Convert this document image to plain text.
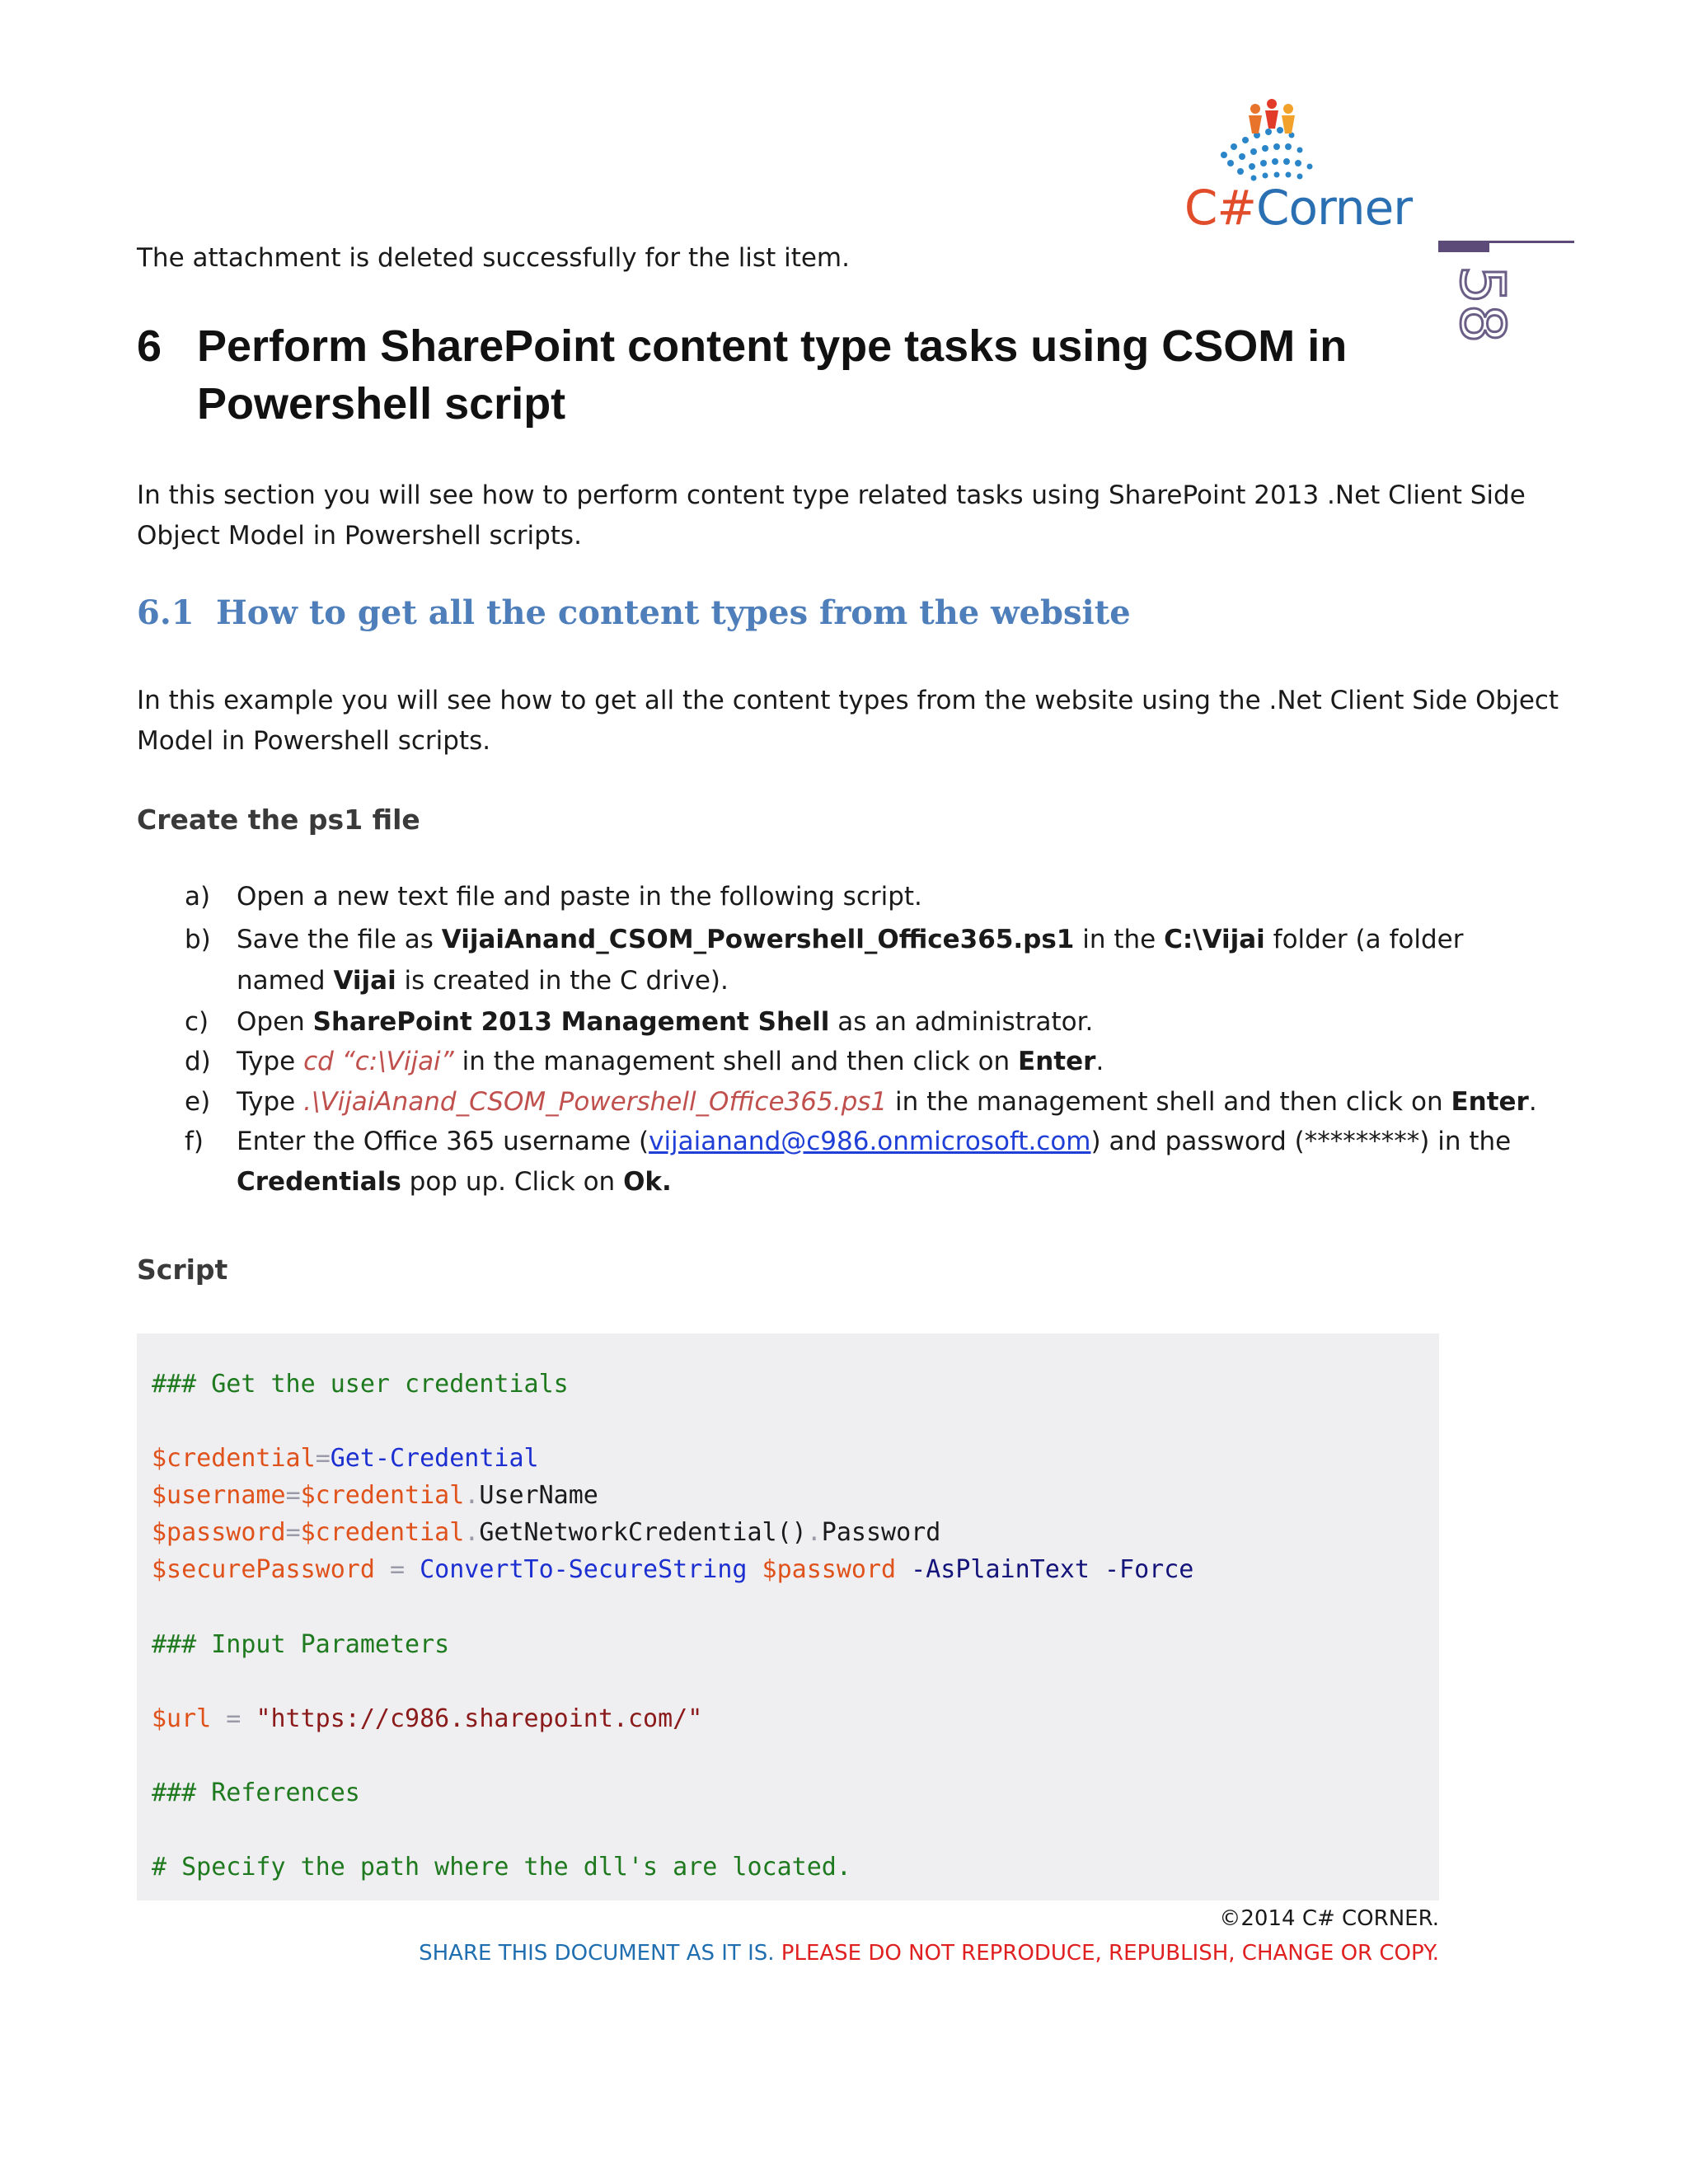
C#Corner
58
The attachment is deleted successfully for the list item.
6 Perform SharePoint content type tasks using CSOM in
Powershell script
In this section you will see how to perform content type related tasks using SharePoint 2013 .Net Client Side
Object Model in Powershell scripts.
6.1 How to get all the content types from the website
In this example you will see how to get all the content types from the website using the .Net Client Side Object
Model in Powershell scripts.
Create the ps1 file
a) Open a new text file and paste in the following script.
b) Save the file as VijaiAnand_CSOM_Powershell_Office365.ps1 in the C:\Vijai folder (a folder
named Vijai is created in the C drive).
c) Open SharePoint 2013 Management Shell as an administrator.
d) Type cd “c:\Vijai” in the management shell and then click on Enter.
e) Type .\VijaiAnand_CSOM_Powershell_Office365.ps1 in the management shell and then click on Enter.
f) Enter the Office 365 username (vijaianand@c986.onmicrosoft.com) and password (*********) in the
Credentials pop up. Click on Ok.
Script
### Get the user credentials
$credential=Get-Credential
$username=$credential.UserName
$password=$credential.GetNetworkCredential().Password
$securePassword = ConvertTo-SecureString $password -AsPlainText -Force
### Input Parameters
$url = "https://c986.sharepoint.com/"
### References
# Specify the path where the dll's are located.
©2014 C# CORNER.
SHARE THIS DOCUMENT AS IT IS. PLEASE DO NOT REPRODUCE, REPUBLISH, CHANGE OR COPY.
